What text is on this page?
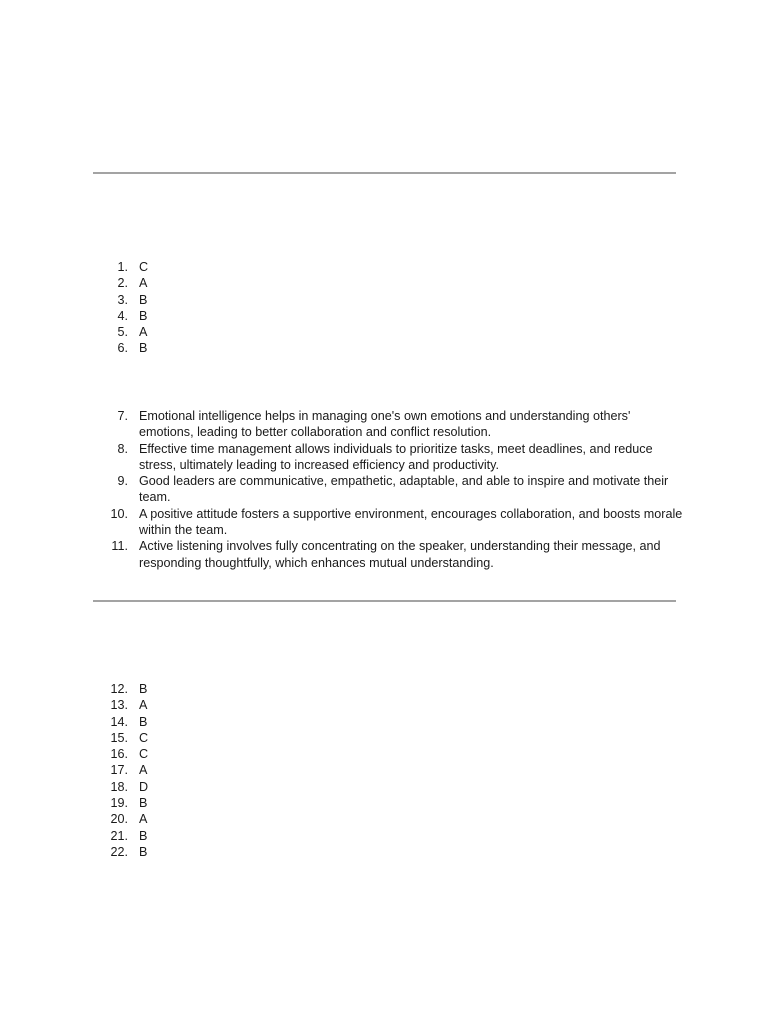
1. C
2. A
3. B
4. B
5. A
6. B
7. Emotional intelligence helps in managing one's own emotions and understanding others' emotions, leading to better collaboration and conflict resolution.
8. Effective time management allows individuals to prioritize tasks, meet deadlines, and reduce stress, ultimately leading to increased efficiency and productivity.
9. Good leaders are communicative, empathetic, adaptable, and able to inspire and motivate their team.
10. A positive attitude fosters a supportive environment, encourages collaboration, and boosts morale within the team.
11. Active listening involves fully concentrating on the speaker, understanding their message, and responding thoughtfully, which enhances mutual understanding.
12. B
13. A
14. B
15. C
16. C
17. A
18. D
19. B
20. A
21. B
22. B
